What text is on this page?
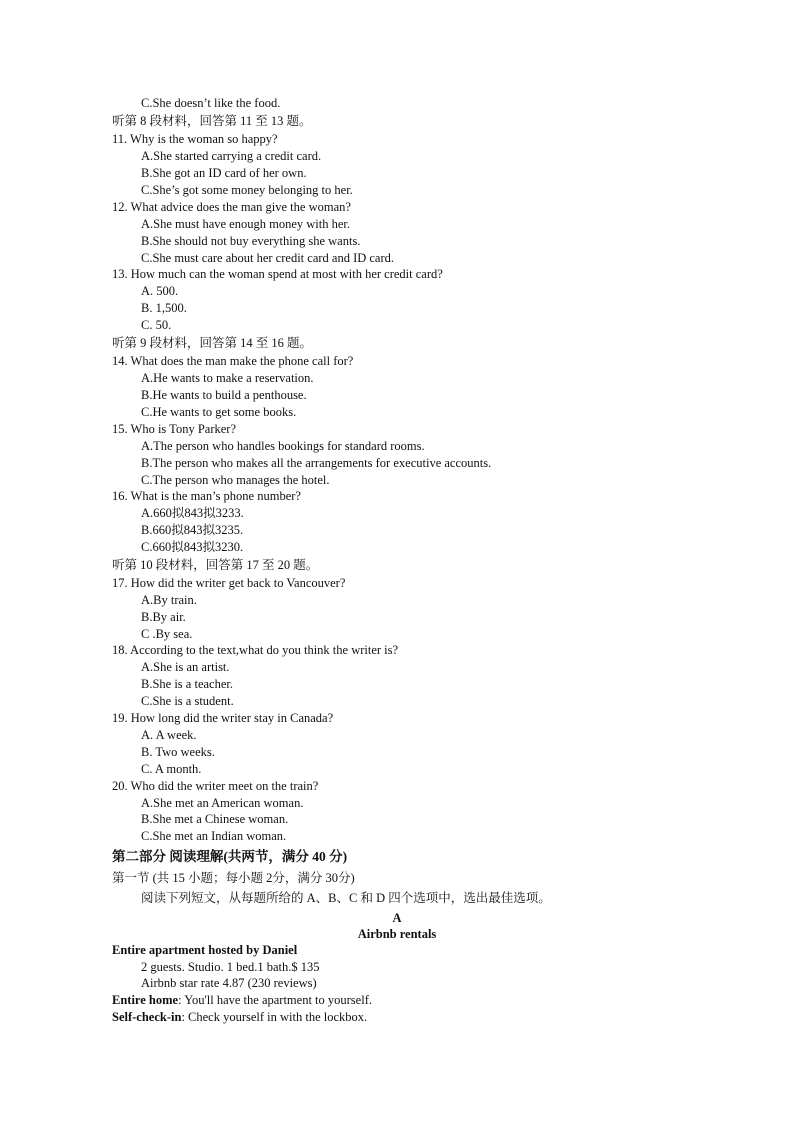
C.She doesn’t like the food.
听第 8 段材料，回答第 11 至 13 题。
11. Why is the woman so happy?
A.She started carrying a credit card.
B.She got an ID card of her own.
C.She’s got some money belonging to her.
12. What advice does the man give the woman?
A.She must have enough money with her.
B.She should not buy everything she wants.
C.She must care about her credit card and ID card.
13. How much can the woman spend at most with her credit card?
A. 500.
B. 1,500.
C. 50.
听第 9 段材料，回答第 14 至 16 题。
14. What does the man make the phone call for?
A.He wants to make a reservation.
B.He wants to build a penthouse.
C.He wants to get some books.
15. Who is Tony Parker?
A.The person who handles bookings for standard rooms.
B.The person who makes all the arrangements for executive accounts.
C.The person who manages the hotel.
16. What is the man’s phone number?
A.660拟843拟3233.
B.660拟843拟3235.
C.660拟843拟3230.
听第 10 段材料，回答第 17 至 20 题。
17. How did the writer get back to Vancouver?
A.By train.
B.By air.
C .By sea.
18. According to the text,what do you think the writer is?
A.She is an artist.
B.She is a teacher.
C.She is a student.
19. How long did the writer stay in Canada?
A. A week.
B. Two weeks.
C. A month.
20. Who did the writer meet on the train?
A.She met an American woman.
B.She met a Chinese woman.
C.She met an Indian woman.
第二部分 阅读理解(共两节，满分 40 分)
第一节 (共 15 小题；每小题 2分，满分 30分)
阅读下列短文，从每题所给的 A、B、C 和 D 四个选项中，选出最佳选项。
A
Airbnb rentals
Entire apartment hosted by Daniel
2 guests. Studio. 1 bed.1 bath.$ 135
Airbnb star rate 4.87 (230 reviews)
Entire home: You'll have the apartment to yourself.
Self-check-in: Check yourself in with the lockbox.
